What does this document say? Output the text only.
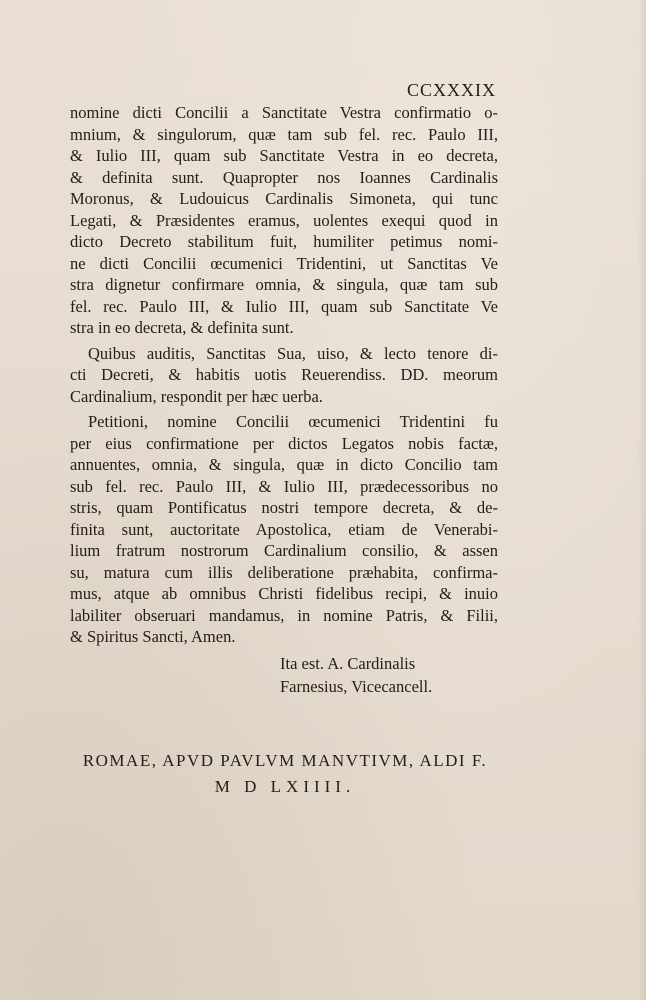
CCXXXIX
nomine dicti Concilii a Sanctitate Vestra confirmatio o-
mnium, & singulorum, quæ tam sub fel. rec. Paulo III,
& Iulio III, quam sub Sanctitate Vestra in eo decreta,
& definita sunt. Quapropter nos Ioannes Cardinalis
Moronus, & Ludouicus Cardinalis Simoneta, qui tunc
Legati, & Præsidentes eramus, uolentes exequi quod in
dicto Decreto stabilitum fuit, humiliter petimus nomi-
ne dicti Concilii œcumenici Tridentini, ut Sanctitas Ve
stra dignetur confirmare omnia, & singula, quæ tam sub
fel. rec. Paulo III, & Iulio III, quam sub Sanctitate Ve
stra in eo decreta, & definita sunt.
Quibus auditis, Sanctitas Sua, uiso, & lecto tenore di-
cti Decreti, & habitis uotis Reuerendiss. DD. meorum
Cardinalium, respondit per hæc uerba.
Petitioni, nomine Concilii œcumenici Tridentini fu
per eius confirmatione per dictos Legatos nobis factæ,
annuentes, omnia, & singula, quæ in dicto Concilio tam
sub fel. rec. Paulo III, & Iulio III, prædecessoribus no
stris, quam Pontificatus nostri tempore decreta, & de-
finita sunt, auctoritate Apostolica, etiam de Venerabi-
lium fratrum nostrorum Cardinalium consilio, & assen
su, matura cum illis deliberatione præhabita, confirma-
mus, atque ab omnibus Christi fidelibus recipi, & inuio
labiliter obseruari mandamus, in nomine Patris, & Filii,
& Spiritus Sancti, Amen.
Ita est. A. Cardinalis
Farnesius, Vicecancell.
ROMAE, APVD PAVLVM MANVTIVM, ALDI F.
M D LXIIII.
